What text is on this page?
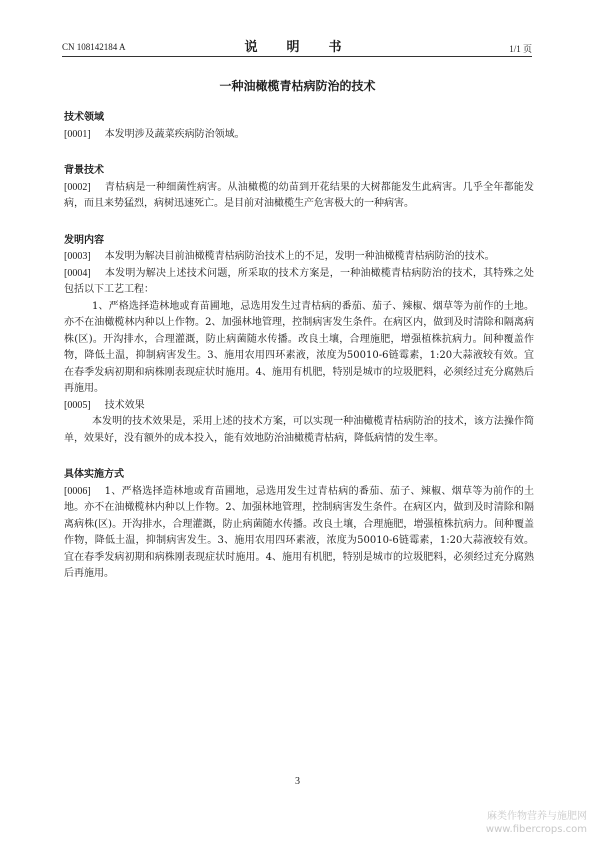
CN 108142184 A	说　明　书	1/1 页
一种油橄榄青枯病防治的技术
技术领域

[0001] 本发明涉及蔬菜疾病防治领域。

背景技术

[0002] 青枯病是一种细菌性病害。从油橄榄的幼苗到开花结果的大树都能发生此病害。几乎全年都能发病，而且来势猛烈，病树迅速死亡。是目前对油橄榄生产危害极大的一种病害。

发明内容

[0003] 本发明为解决目前油橄榄青枯病防治技术上的不足，发明一种油橄榄青枯病防治的技术。

[0004] 本发明为解决上述技术问题，所采取的技术方案是，一种油橄榄青枯病防治的技术，其特殊之处包括以下工艺工程：

1、严格选择造林地或育苗圃地，忌选用发生过青枯病的番茄、茄子、辣椒、烟草等为前作的土地。亦不在油橄榄林内种以上作物。2、加强林地管理，控制病害发生条件。在病区内，做到及时清除和隔离病株(区)。开沟排水，合理灌溉，防止病菌随水传播。改良土壤，合理施肥，增强植株抗病力。间种覆盖作物，降低土温，抑制病害发生。3、施用农用四环素液，浓度为50010-6链霉素，1:20大蒜液较有效。宜在春季发病初期和病株刚表现症状时施用。4、施用有机肥，特别是城市的垃圾肥料，必须经过充分腐熟后再施用。

[0005] 技术效果

本发明的技术效果是，采用上述的技术方案，可以实现一种油橄榄青枯病防治的技术，该方法操作简单，效果好，没有额外的成本投入，能有效地防治油橄榄青枯病，降低病情的发生率。

具体实施方式

[0006] 1、严格选择造林地或育苗圃地，忌选用发生过青枯病的番茄、茄子、辣椒、烟草等为前作的土地。亦不在油橄榄林内种以上作物。2、加强林地管理，控制病害发生条件。在病区内，做到及时清除和隔离病株(区)。开沟排水，合理灌溉，防止病菌随水传播。改良土壤，合理施肥，增强植株抗病力。间种覆盖作物，降低土温，抑制病害发生。3、施用农用四环素液，浓度为50010-6链霉素，1:20大蒜液较有效。宜在春季发病初期和病株刚表现症状时施用。4、施用有机肥，特别是城市的垃圾肥料，必须经过充分腐熟后再施用。

3
麻类作物营养与施肥网
www.fibercrops.com
